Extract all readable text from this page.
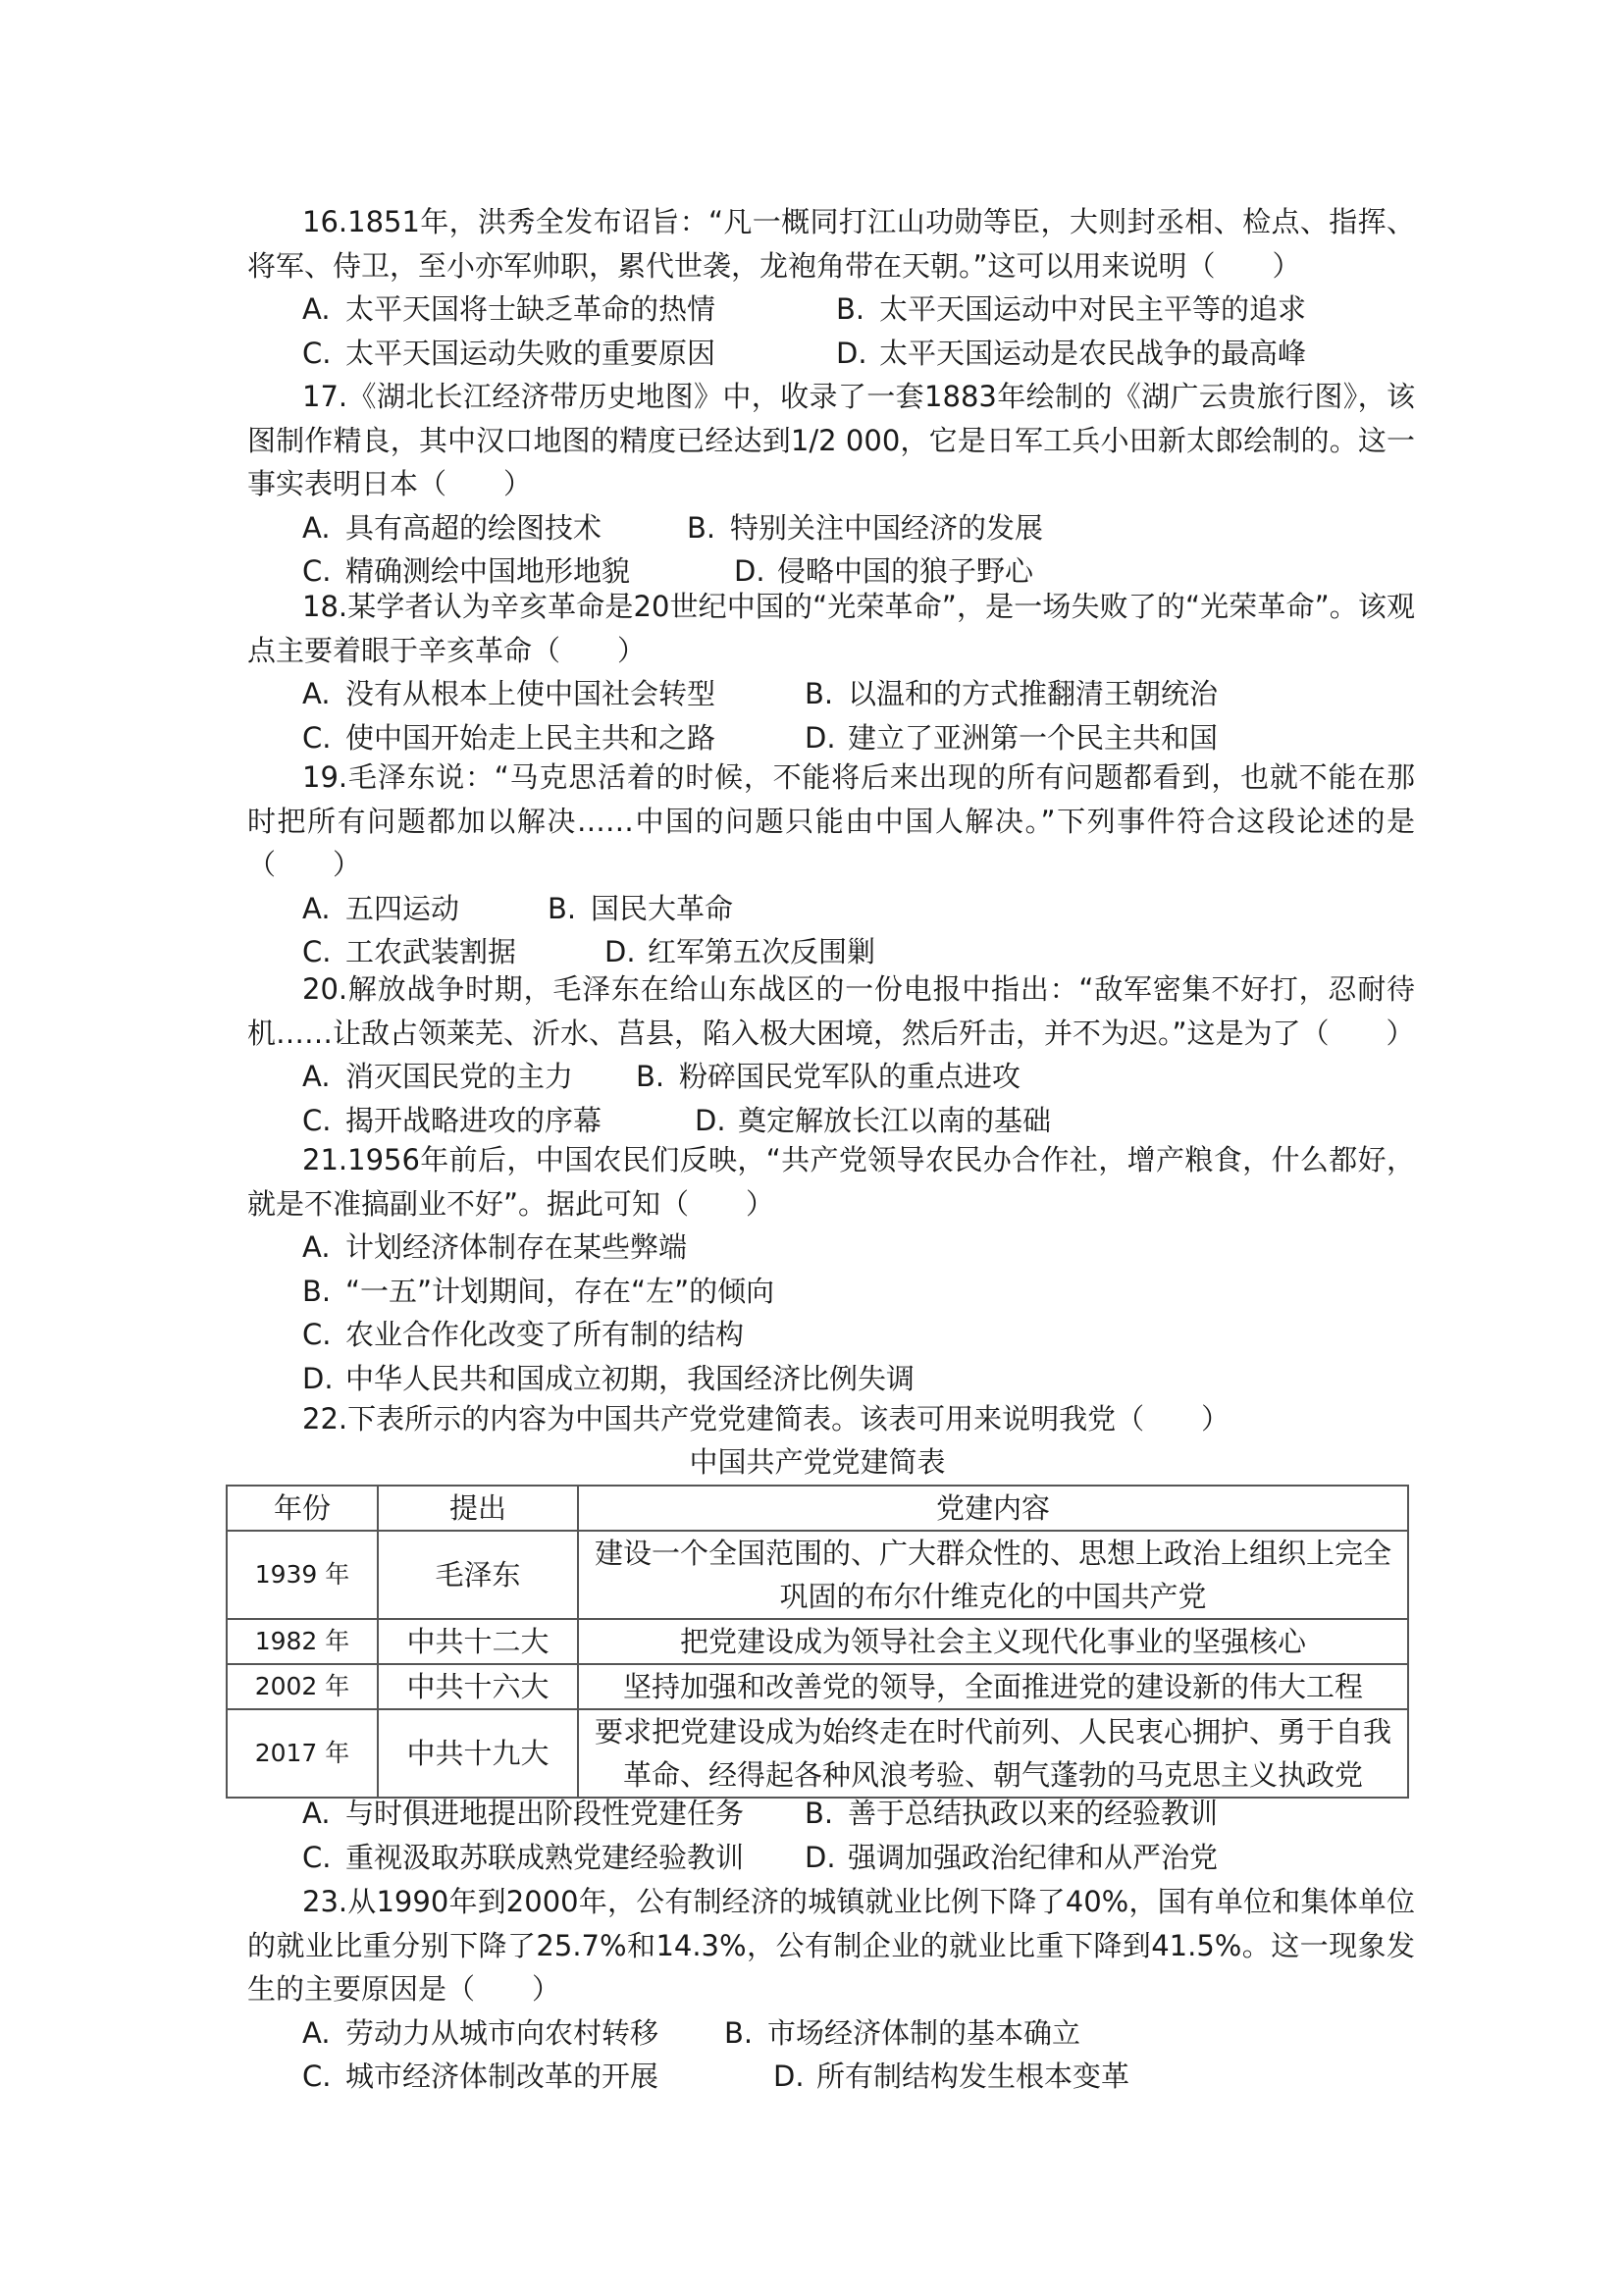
16.1851年，洪秀全发布诏旨：“凡一概同打江山功勋等臣，大则封丞相、检点、指挥、将军、侍卫，至小亦军帅职，累代世袭，龙袍角带在天朝。”这可以用来说明（　　）

A. 太平天国将士缺乏革命的热情	B. 太平天国运动中对民主平等的追求
C. 太平天国运动失败的重要原因	D. 太平天国运动是农民战争的最高峰

17.《湖北长江经济带历史地图》中，收录了一套1883年绘制的《湖广云贵旅行图》，该图制作精良，其中汉口地图的精度已经达到1/2 000，它是日军工兵小田新太郎绘制的。这一事实表明日本（　　）

A. 具有高超的绘图技术	B. 特别关注中国经济的发展
C. 精确测绘中国地形地貌	D. 侵略中国的狼子野心

18.某学者认为辛亥革命是20世纪中国的“光荣革命”，是一场失败了的“光荣革命”。该观点主要着眼于辛亥革命（　　）

A. 没有从根本上使中国社会转型	B. 以温和的方式推翻清王朝统治
C. 使中国开始走上民主共和之路	D. 建立了亚洲第一个民主共和国

19.毛泽东说：“马克思活着的时候，不能将后来出现的所有问题都看到，也就不能在那时把所有问题都加以解决……中国的问题只能由中国人解决。”下列事件符合这段论述的是（　　）

A. 五四运动	B. 国民大革命
C. 工农武装割据	D. 红军第五次反围剿

20.解放战争时期，毛泽东在给山东战区的一份电报中指出：“敌军密集不好打，忍耐待机……让敌占领莱芜、沂水、莒县，陷入极大困境，然后歼击，并不为迟。”这是为了（　　）

A. 消灭国民党的主力	B. 粉碎国民党军队的重点进攻
C. 揭开战略进攻的序幕	D. 奠定解放长江以南的基础

21.1956年前后，中国农民们反映，“共产党领导农民办合作社，增产粮食，什么都好，就是不准搞副业不好”。据此可知（　　）

A. 计划经济体制存在某些弊端
B. “一五”计划期间，存在“左”的倾向
C. 农业合作化改变了所有制的结构
D. 中华人民共和国成立初期，我国经济比例失调

22.下表所示的内容为中国共产党党建简表。该表可用来说明我党（　　）

中国共产党党建简表
年份	提出	党建内容
1939 年	毛泽东	建设一个全国范围的、广大群众性的、思想上政治上组织上完全巩固的布尔什维克化的中国共产党
1982 年	中共十二大	把党建设成为领导社会主义现代化事业的坚强核心
2002 年	中共十六大	坚持加强和改善党的领导，全面推进党的建设新的伟大工程
2017 年	中共十九大	要求把党建设成为始终走在时代前列、人民衷心拥护、勇于自我革命、经得起各种风浪考验、朝气蓬勃的马克思主义执政党
A. 与时俱进地提出阶段性党建任务	B. 善于总结执政以来的经验教训
C. 重视汲取苏联成熟党建经验教训	D. 强调加强政治纪律和从严治党

23.从1990年到2000年，公有制经济的城镇就业比例下降了40%，国有单位和集体单位的就业比重分别下降了25.7%和14.3%，公有制企业的就业比重下降到41.5%。这一现象发生的主要原因是（　　）

A. 劳动力从城市向农村转移	B. 市场经济体制的基本确立
C. 城市经济体制改革的开展	D. 所有制结构发生根本变革
